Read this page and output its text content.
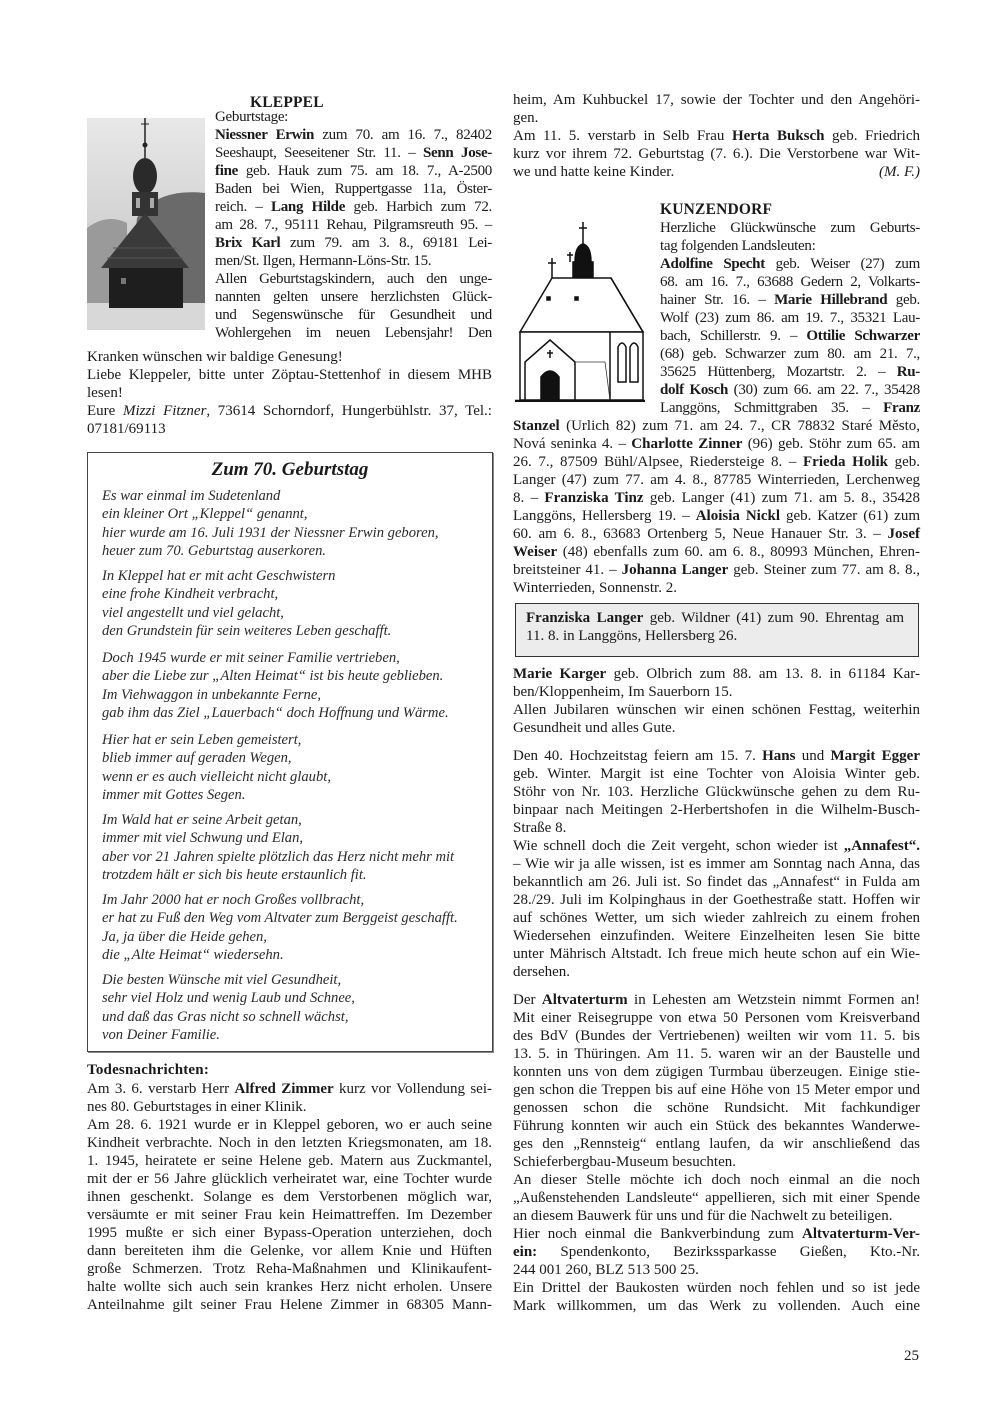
KLEPPEL
Geburtstage:
Niessner Erwin zum 70. am 16. 7., 82402
Seeshaupt, Seeseitener Str. 11. – Senn Jose-
fine geb. Hauk zum 75. am 18. 7., A-2500
Baden bei Wien, Ruppertgasse 11a, Öster-
reich. – Lang Hilde geb. Harbich zum 72.
am 28. 7., 95111 Rehau, Pilgramsreuth 95. –
Brix Karl zum 79. am 3. 8., 69181 Lei-
men/St. Ilgen, Hermann-Löns-Str. 15.
Allen Geburtstagskindern, auch den unge-
nannten gelten unsere herzlichsten Glück-
und Segenswünsche für Gesundheit und
Wohlergehen im neuen Lebensjahr! Den
Kranken wünschen wir baldige Genesung!
Liebe Kleppeler, bitte unter Zöptau-Stettenhof in diesem MHB
lesen!
Eure Mizzi Fitzner, 73614 Schorndorf, Hungerbühlstr. 37, Tel.:
07181/69113
Zum 70. Geburtstag
Es war einmal im Sudetenland
ein kleiner Ort „Kleppel“ genannt,
hier wurde am 16. Juli 1931 der Niessner Erwin geboren,
heuer zum 70. Geburtstag auserkoren.
In Kleppel hat er mit acht Geschwistern
eine frohe Kindheit verbracht,
viel angestellt und viel gelacht,
den Grundstein für sein weiteres Leben geschafft.
Doch 1945 wurde er mit seiner Familie vertrieben,
aber die Liebe zur „Alten Heimat“ ist bis heute geblieben.
Im Viehwaggon in unbekannte Ferne,
gab ihm das Ziel „Lauerbach“ doch Hoffnung und Wärme.
Hier hat er sein Leben gemeistert,
blieb immer auf geraden Wegen,
wenn er es auch vielleicht nicht glaubt,
immer mit Gottes Segen.
Im Wald hat er seine Arbeit getan,
immer mit viel Schwung und Elan,
aber vor 21 Jahren spielte plötzlich das Herz nicht mehr mit
trotzdem hält er sich bis heute erstaunlich fit.
Im Jahr 2000 hat er noch Großes vollbracht,
er hat zu Fuß den Weg vom Altvater zum Berggeist geschafft.
Ja, ja über die Heide gehen,
die „Alte Heimat“ wiedersehn.
Die besten Wünsche mit viel Gesundheit,
sehr viel Holz und wenig Laub und Schnee,
und daß das Gras nicht so schnell wächst,
von Deiner Familie.
Todesnachrichten:
Am 3. 6. verstarb Herr Alfred Zimmer kurz vor Vollendung sei-
nes 80. Geburtstages in einer Klinik.
Am 28. 6. 1921 wurde er in Kleppel geboren, wo er auch seine
Kindheit verbrachte. Noch in den letzten Kriegsmonaten, am 18.
1. 1945, heiratete er seine Helene geb. Matern aus Zuckmantel,
mit der er 56 Jahre glücklich verheiratet war, eine Tochter wurde
ihnen geschenkt. Solange es dem Verstorbenen möglich war,
versäumte er mit seiner Frau kein Heimattreffen. Im Dezember
1995 mußte er sich einer Bypass-Operation unterziehen, doch
dann bereiteten ihm die Gelenke, vor allem Knie und Hüften
große Schmerzen. Trotz Reha-Maßnahmen und Klinikaufent-
halte wollte sich auch sein krankes Herz nicht erholen. Unsere
Anteilnahme gilt seiner Frau Helene Zimmer in 68305 Mann-
heim, Am Kuhbuckel 17, sowie der Tochter und den Angehöri-
gen.
Am 11. 5. verstarb in Selb Frau Herta Buksch geb. Friedrich
kurz vor ihrem 72. Geburtstag (7. 6.). Die Verstorbene war Wit-
we und hatte keine Kinder.	(M. F.)
KUNZENDORF
Herzliche Glückwünsche zum Geburts-
tag folgenden Landsleuten:
Adolfine Specht geb. Weiser (27) zum
68. am 16. 7., 63688 Gedern 2, Volkarts-
hainer Str. 16. – Marie Hillebrand geb.
Wolf (23) zum 86. am 19. 7., 35321 Lau-
bach, Schillerstr. 9. – Ottilie Schwarzer
(68) geb. Schwarzer zum 80. am 21. 7.,
35625 Hüttenberg, Mozartstr. 2. – Ru-
dolf Kosch (30) zum 66. am 22. 7., 35428
Langgöns, Schmittgraben 35. – Franz
Stanzel (Urlich 82) zum 71. am 24. 7., CR 78832 Staré Město,
Nová seninka 4. – Charlotte Zinner (96) geb. Stöhr zum 65. am
26. 7., 87509 Bühl/Alpsee, Riedersteige 8. – Frieda Holik geb.
Langer (47) zum 77. am 4. 8., 87785 Winterrieden, Lerchenweg
8. – Franziska Tinz geb. Langer (41) zum 71. am 5. 8., 35428
Langgöns, Hellersberg 19. – Aloisia Nickl geb. Katzer (61) zum
60. am 6. 8., 63683 Ortenberg 5, Neue Hanauer Str. 3. – Josef
Weiser (48) ebenfalls zum 60. am 6. 8., 80993 München, Ehren-
breitsteiner 41. – Johanna Langer geb. Steiner zum 77. am 8. 8.,
Winterrieden, Sonnenstr. 2.
Franziska Langer geb. Wildner (41) zum 90. Ehrentag am
11. 8. in Langgöns, Hellersberg 26.
Marie Karger geb. Olbrich zum 88. am 13. 8. in 61184 Kar-
ben/Kloppenheim, Im Sauerborn 15.
Allen Jubilaren wünschen wir einen schönen Festtag, weiterhin
Gesundheit und alles Gute.
Den 40. Hochzeitstag feiern am 15. 7. Hans und Margit Egger
geb. Winter. Margit ist eine Tochter von Aloisia Winter geb.
Stöhr von Nr. 103. Herzliche Glückwünsche gehen zu dem Ru-
binpaar nach Meitingen 2-Herbertshofen in die Wilhelm-Busch-
Straße 8.
Wie schnell doch die Zeit vergeht, schon wieder ist „Annafest“.
– Wie wir ja alle wissen, ist es immer am Sonntag nach Anna, das
bekanntlich am 26. Juli ist. So findet das „Annafest“ in Fulda am
28./29. Juli im Kolpinghaus in der Goethestraße statt. Hoffen wir
auf schönes Wetter, um sich wieder zahlreich zu einem frohen
Wiedersehen einzufinden. Weitere Einzelheiten lesen Sie bitte
unter Mährisch Altstadt. Ich freue mich heute schon auf ein Wie-
dersehen.
Der Altvaterturm in Lehesten am Wetzstein nimmt Formen an!
Mit einer Reisegruppe von etwa 50 Personen vom Kreisverband
des BdV (Bundes der Vertriebenen) weilten wir vom 11. 5. bis
13. 5. in Thüringen. Am 11. 5. waren wir an der Baustelle und
konnten uns von dem zügigen Turmbau überzeugen. Einige stie-
gen schon die Treppen bis auf eine Höhe von 15 Meter empor und
genossen schon die schöne Rundsicht. Mit fachkundiger
Führung konnten wir auch ein Stück des bekanntes Wanderwe-
ges den „Rennsteig“ entlang laufen, da wir anschließend das
Schieferbergbau-Museum besuchten.
An dieser Stelle möchte ich doch noch einmal an die noch
„Außenstehenden Landsleute“ appellieren, sich mit einer Spende
an diesem Bauwerk für uns und für die Nachwelt zu beteiligen.
Hier noch einmal die Bankverbindung zum Altvaterturm-Ver-
ein: Spendenkonto, Bezirkssparkasse Gießen, Kto.-Nr.
244 001 260, BLZ 513 500 25.
Ein Drittel der Baukosten würden noch fehlen und so ist jede
Mark willkommen, um das Werk zu vollenden. Auch eine
25
